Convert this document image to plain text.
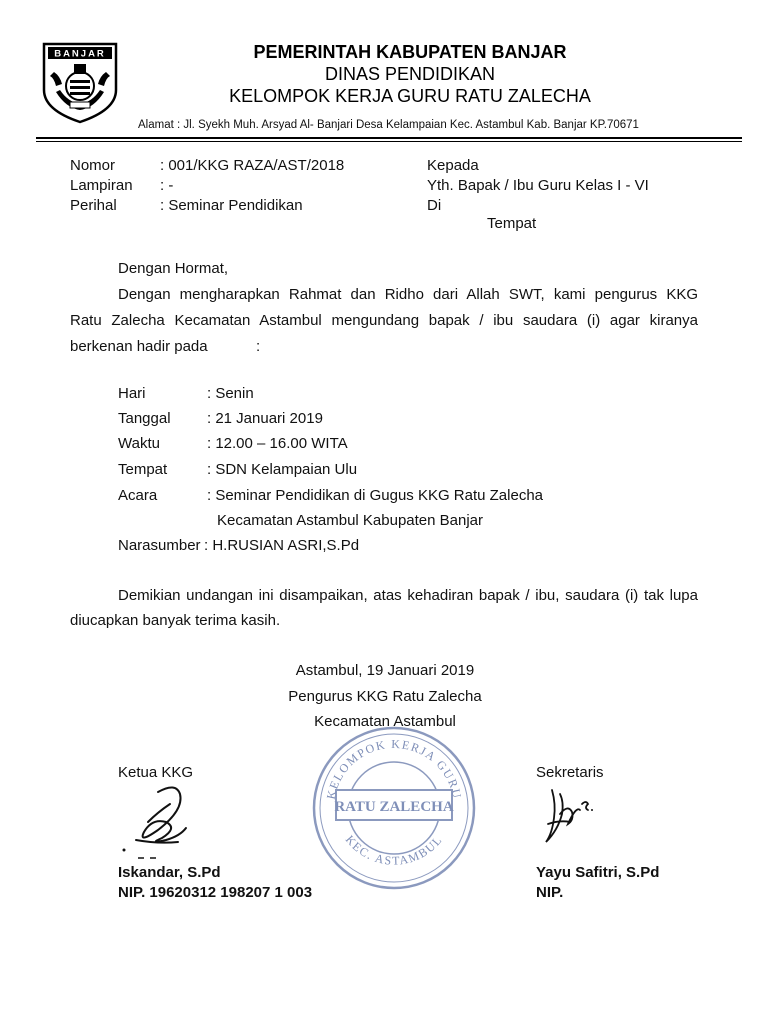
BANJAR	PEMERINTAH KABUPATEN BANJAR
DINAS PENDIDIKAN
KELOMPOK KERJA GURU RATU ZALECHA
Alamat : Jl. Syekh Muh. Arsyad Al- Banjari Desa Kelampaian Kec. Astambul Kab. Banjar KP.70671
Nomor	: 001/KKG RAZA/AST/2018
Lampiran : -
Perihal	: Seminar Pendidikan
Kepada
Yth. Bapak / Ibu Guru Kelas I - VI
Di
Tempat
Dengan Hormat,
Dengan mengharapkan Rahmat dan Ridho dari Allah SWT, kami pengurus KKG
Ratu Zalecha Kecamatan Astambul mengundang bapak / ibu saudara (i) agar kiranya
berkenan hadir pada	:
Hari	: Senin
Tanggal : 21 Januari 2019
Waktu	: 12.00 – 16.00 WITA
Tempat	: SDN Kelampaian Ulu
Acara	: Seminar Pendidikan di Gugus KKG Ratu Zalecha
Kecamatan Astambul Kabupaten Banjar
Narasumber : H.RUSIAN ASRI,S.Pd
Demikian undangan ini disampaikan, atas kehadiran bapak / ibu, saudara (i) tak lupa
diucapkan banyak terima kasih.
Astambul, 19 Januari 2019
Pengurus KKG Ratu Zalecha
Kecamatan Astambul
KELOMPOK KERJA GURU
RATU ZALECHA
KEC. ASTAMBUL
Ketua KKG	Sekretaris
Iskandar, S.Pd
NIP. 19620312 198207 1 003
Yayu Safitri, S.Pd
NIP.
